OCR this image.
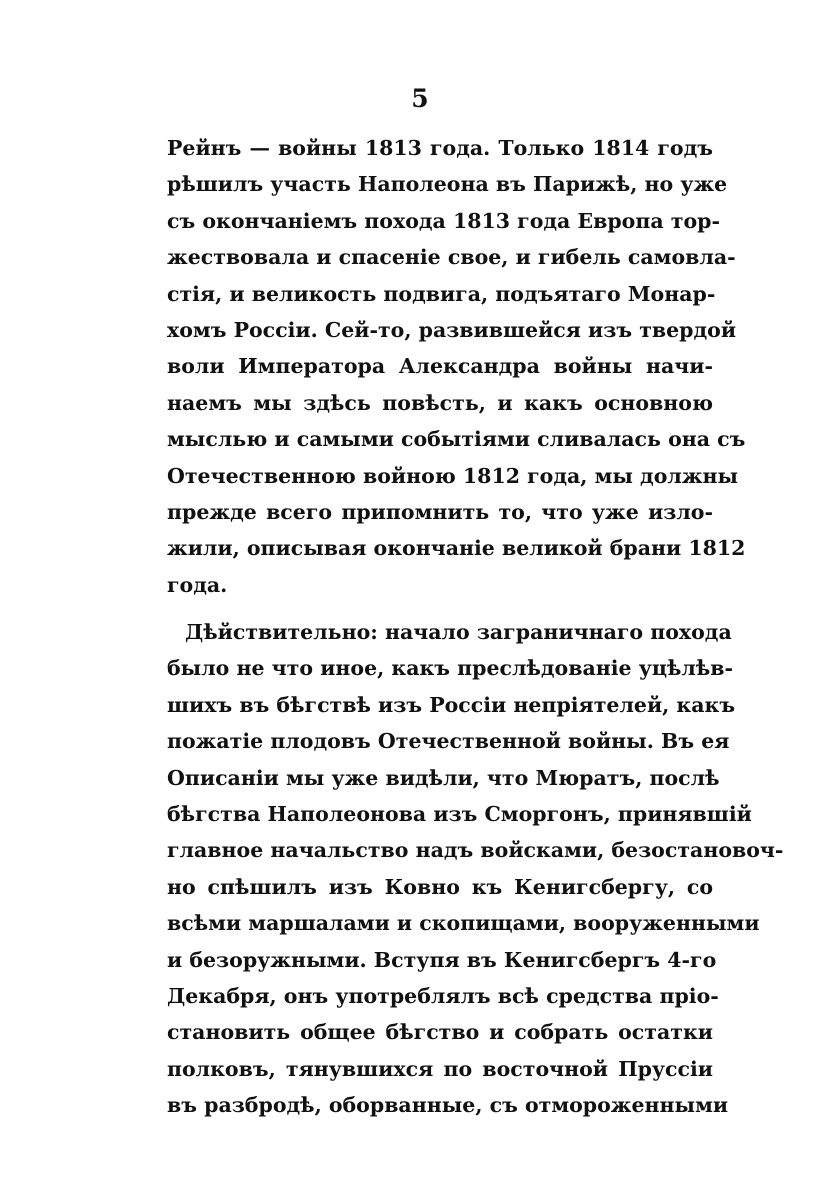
5
Рейнъ — войны 1813 года. Только 1814 годъ
рѣшилъ участь Наполеона въ Парижѣ, но уже
съ окончанiемъ похода 1813 года Европа тор-
жествовала и спасенiе свое, и гибель самовла-
стiя, и великость подвига, подъятаго Монар-
хомъ Россiи. Сей-то, развившейся изъ твердой
воли Императора Александра войны начи-
наемъ мы здѣсь повѣсть, и какъ основною
мыслью и самыми событiями сливалась она съ
Отечественною войною 1812 года, мы должны
прежде всего припомнить то, что уже изло-
жили, описывая окончанiе великой брани 1812
года.
Дѣйствительно: начало заграничнаго похода
было не что иное, какъ преслѣдованiе уцѣлѣв-
шихъ въ бѣгствѣ изъ Россiи непрiятелей, какъ
пожатiе плодовъ Отечественной войны. Въ ея
Описанiи мы уже видѣли, что Мюратъ, послѣ
бѣгства Наполеонова изъ Сморгонъ, принявшiй
главное начальство надъ войсками, безостановоч-
но спѣшилъ изъ Ковно къ Кенигсбергу, со
всѣми маршалами и скопищами, вооруженными
и безоружными. Вступя въ Кенигсбергъ 4-го
Декабря, онъ употреблялъ всѣ средства прiо-
становить общее бѣгство и собрать остатки
полковъ, тянувшихся по восточной Пруссiи
въ разбродѣ, оборванные, съ отмороженными
